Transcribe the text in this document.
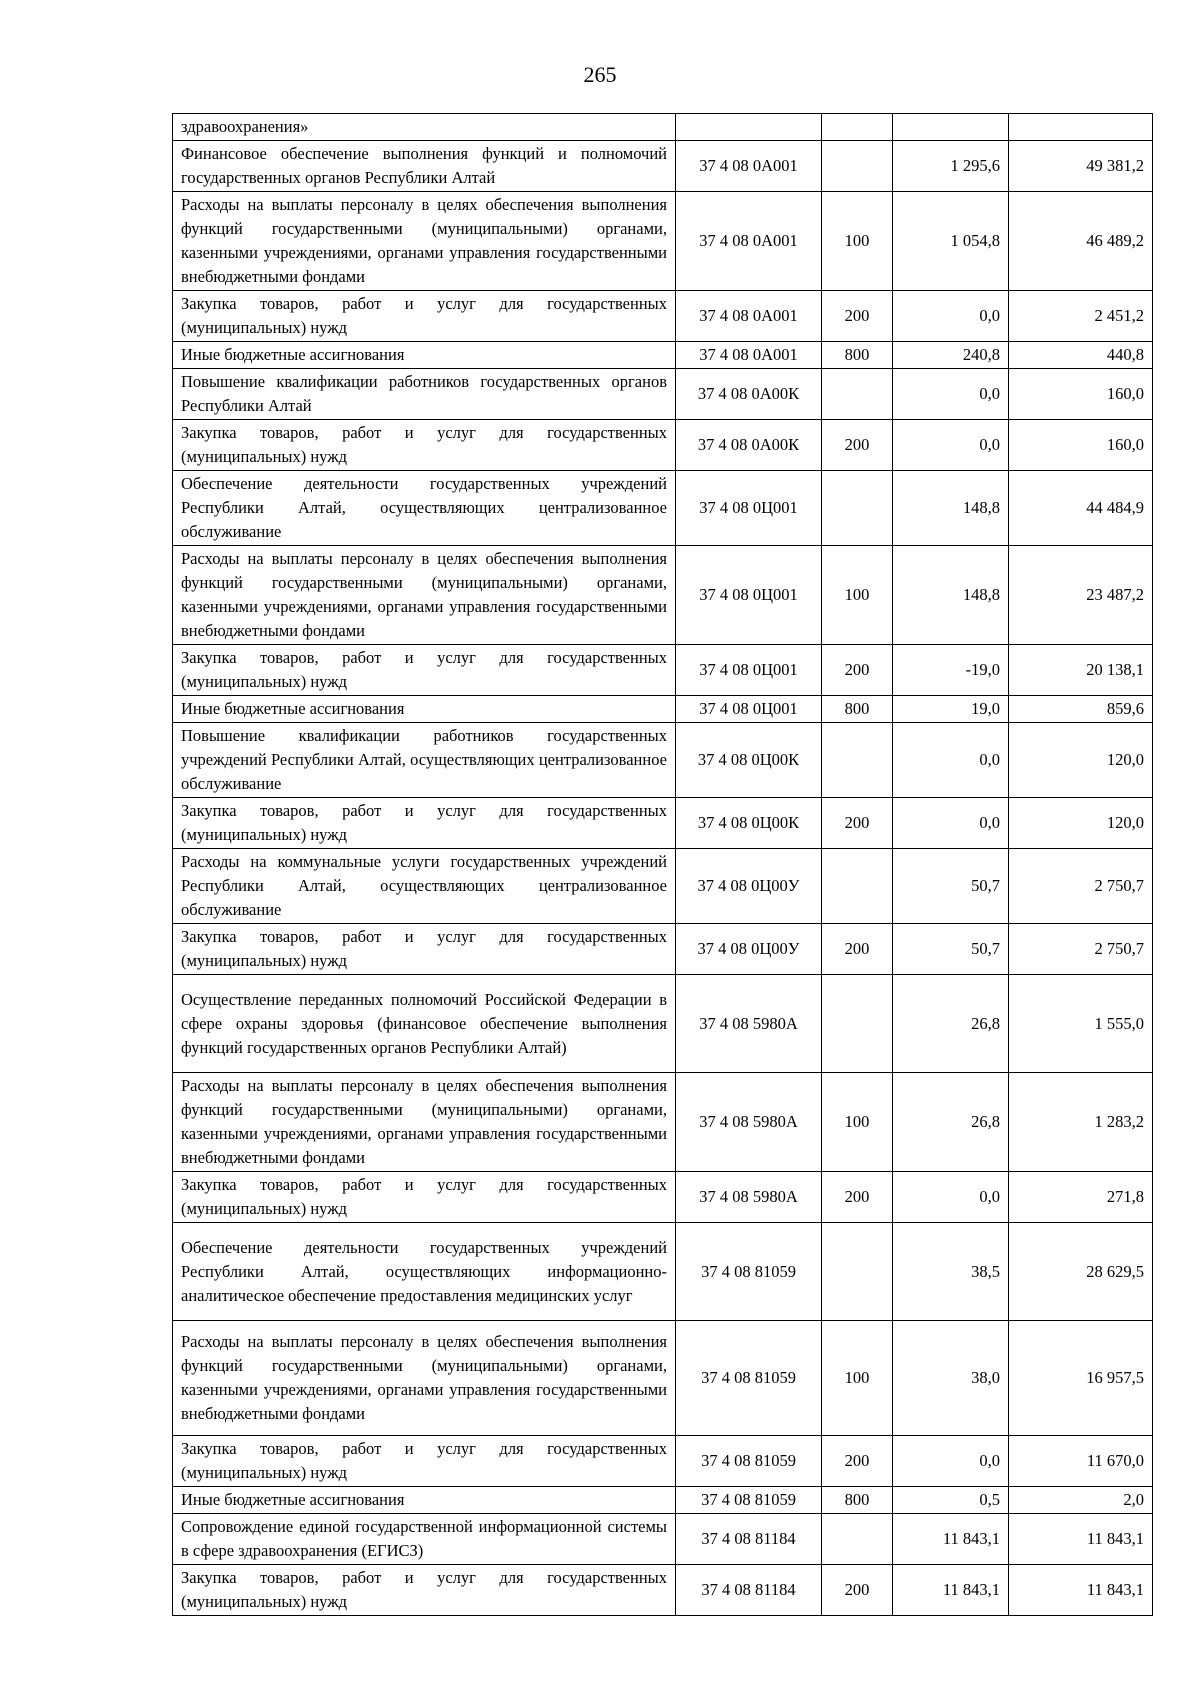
265
здравоохранения»				
Финансовое обеспечение выполнения функций и полномочий государственных органов Республики Алтай	37 4 08 0А001		1 295,6	49 381,2
Расходы на выплаты персоналу в целях обеспечения выполнения функций государственными (муниципальными) органами, казенными учреждениями, органами управления государственными внебюджетными фондами	37 4 08 0А001	100	1 054,8	46 489,2
Закупка товаров, работ и услуг для государственных (муниципальных) нужд	37 4 08 0А001	200	0,0	2 451,2
Иные бюджетные ассигнования	37 4 08 0А001	800	240,8	440,8
Повышение квалификации работников государственных органов Республики Алтай	37 4 08 0А00К		0,0	160,0
Закупка товаров, работ и услуг для государственных (муниципальных) нужд	37 4 08 0А00К	200	0,0	160,0
Обеспечение деятельности государственных учреждений Республики Алтай, осуществляющих централизованное обслуживание	37 4 08 0Ц001		148,8	44 484,9
Расходы на выплаты персоналу в целях обеспечения выполнения функций государственными (муниципальными) органами, казенными учреждениями, органами управления государственными внебюджетными фондами	37 4 08 0Ц001	100	148,8	23 487,2
Закупка товаров, работ и услуг для государственных (муниципальных) нужд	37 4 08 0Ц001	200	-19,0	20 138,1
Иные бюджетные ассигнования	37 4 08 0Ц001	800	19,0	859,6
Повышение квалификации работников государственных учреждений Республики Алтай, осуществляющих централизованное обслуживание	37 4 08 0Ц00К		0,0	120,0
Закупка товаров, работ и услуг для государственных (муниципальных) нужд	37 4 08 0Ц00К	200	0,0	120,0
Расходы на коммунальные услуги государственных учреждений Республики Алтай, осуществляющих централизованное обслуживание	37 4 08 0Ц00У		50,7	2 750,7
Закупка товаров, работ и услуг для государственных (муниципальных) нужд	37 4 08 0Ц00У	200	50,7	2 750,7
Осуществление переданных полномочий Российской Федерации в сфере охраны здоровья (финансовое обеспечение выполнения функций государственных органов Республики Алтай)	37 4 08 5980А		26,8	1 555,0
Расходы на выплаты персоналу в целях обеспечения выполнения функций государственными (муниципальными) органами, казенными учреждениями, органами управления государственными внебюджетными фондами	37 4 08 5980А	100	26,8	1 283,2
Закупка товаров, работ и услуг для государственных (муниципальных) нужд	37 4 08 5980А	200	0,0	271,8
Обеспечение деятельности государственных учреждений Республики Алтай, осуществляющих информационно-аналитическое обеспечение предоставления медицинских услуг	37 4 08 81059		38,5	28 629,5
Расходы на выплаты персоналу в целях обеспечения выполнения функций государственными (муниципальными) органами, казенными учреждениями, органами управления государственными внебюджетными фондами	37 4 08 81059	100	38,0	16 957,5
Закупка товаров, работ и услуг для государственных (муниципальных) нужд	37 4 08 81059	200	0,0	11 670,0
Иные бюджетные ассигнования	37 4 08 81059	800	0,5	2,0
Сопровождение единой государственной информационной системы в сфере здравоохранения (ЕГИСЗ)	37 4 08 81184		11 843,1	11 843,1
Закупка товаров, работ и услуг для государственных (муниципальных) нужд	37 4 08 81184	200	11 843,1	11 843,1
